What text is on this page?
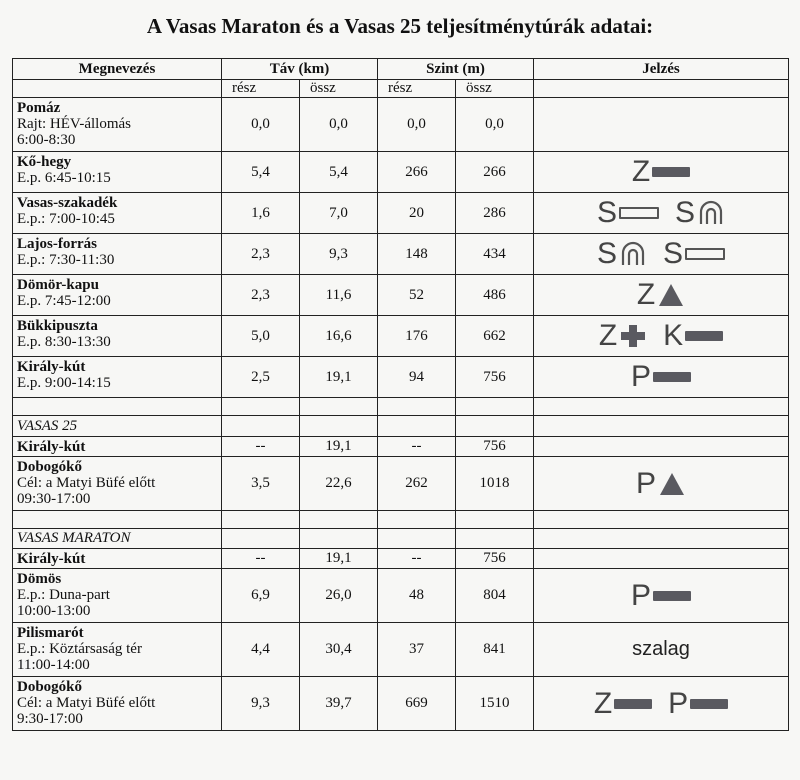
A Vasas Maraton és a Vasas 25 teljesítménytúrák adatai:
Megnevezés	Táv (km)		Szint (m)		Jelzés
	rész	össz	rész	össz	

Pomáz
Rajt: HÉV-állomás
6:00-8:30	0,0	0,0	0,0	0,0	

Kő-hegy
E.p. 6:45-10:15	5,4	5,4	266	266	Z

Vasas-szakadék
E.p.: 7:00-10:45	1,6	7,0	20	286	S S

Lajos-forrás
E.p.: 7:30-11:30	2,3	9,3	148	434	S S

Dömör-kapu
E.p. 7:45-12:00	2,3	11,6	52	486	Z

Bükkipuszta
E.p. 8:30-13:30	5,0	16,6	176	662	Z K

Király-kút
E.p. 9:00-14:15	2,5	19,1	94	756	P

VASAS 25					

Király-kút	--	19,1	--	756	

Dobogókő
Cél: a Matyi Büfé előtt
09:30-17:00	3,5	22,6	262	1018	P

VASAS MARATON					

Király-kút	--	19,1	--	756	

Dömös
E.p.: Duna-part
10:00-13:00	6,9	26,0	48	804	P

Pilismarót
E.p.: Köztársaság tér
11:00-14:00	4,4	30,4	37	841	szalag

Dobogókő
Cél: a Matyi Büfé előtt
9:30-17:00	9,3	39,7	669	1510	Z P
